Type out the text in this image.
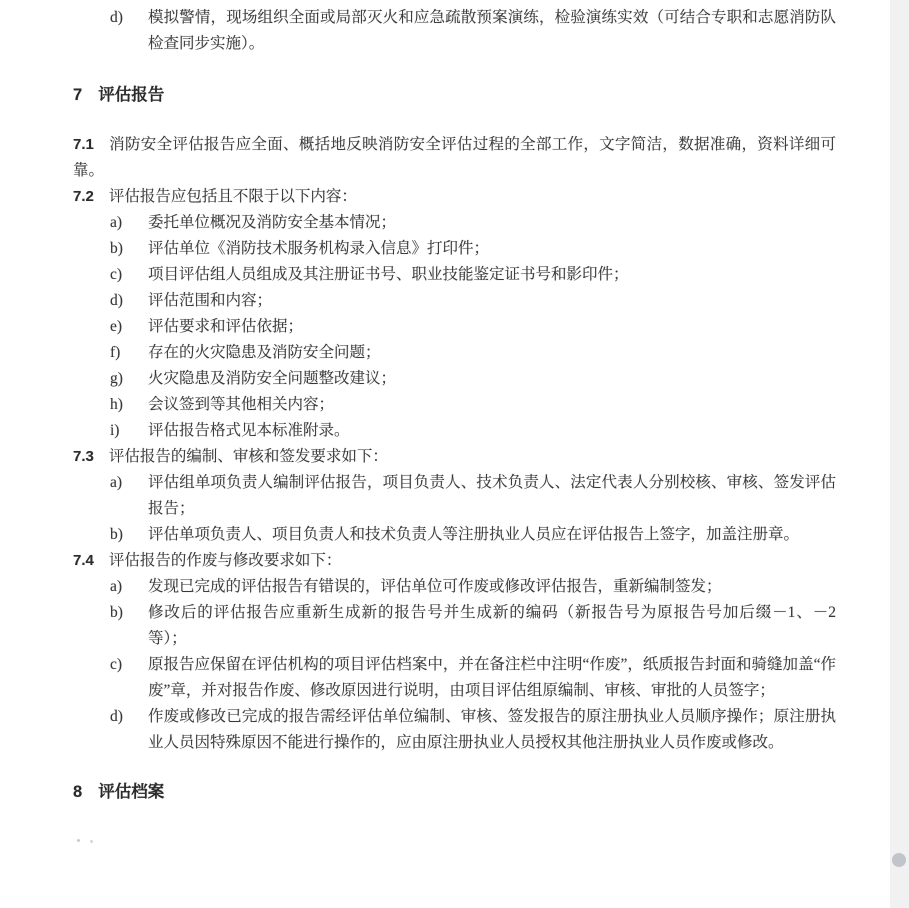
d) 模拟警情，现场组织全面或局部灭火和应急疏散预案演练，检验演练实效（可结合专职和志愿消防队检查同步实施）。
7 评估报告

7.1 消防安全评估报告应全面、概括地反映消防安全评估过程的全部工作，文字简洁，数据准确，资料详细可靠。

7.2 评估报告应包括且不限于以下内容：

a) 委托单位概况及消防安全基本情况；
b) 评估单位《消防技术服务机构录入信息》打印件；
c) 项目评估组人员组成及其注册证书号、职业技能鉴定证书号和影印件；
d) 评估范围和内容；
e) 评估要求和评估依据；
f) 存在的火灾隐患及消防安全问题；
g) 火灾隐患及消防安全问题整改建议；
h) 会议签到等其他相关内容；
i) 评估报告格式见本标准附录。

7.3 评估报告的编制、审核和签发要求如下：

a) 评估组单项负责人编制评估报告，项目负责人、技术负责人、法定代表人分别校核、审核、签发评估报告；
b) 评估单项负责人、项目负责人和技术负责人等注册执业人员应在评估报告上签字，加盖注册章。

7.4 评估报告的作废与修改要求如下：

a) 发现已完成的评估报告有错误的，评估单位可作废或修改评估报告，重新编制签发；
b) 修改后的评估报告应重新生成新的报告号并生成新的编码（新报告号为原报告号加后缀－1、－2 等）；
c) 原报告应保留在评估机构的项目评估档案中，并在备注栏中注明“作废”，纸质报告封面和骑缝加盖“作废”章，并对报告作废、修改原因进行说明，由项目评估组原编制、审核、审批的人员签字；
d) 作废或修改已完成的报告需经评估单位编制、审核、签发报告的原注册执业人员顺序操作；原注册执业人员因特殊原因不能进行操作的，应由原注册执业人员授权其他注册执业人员作废或修改。
8 评估档案
